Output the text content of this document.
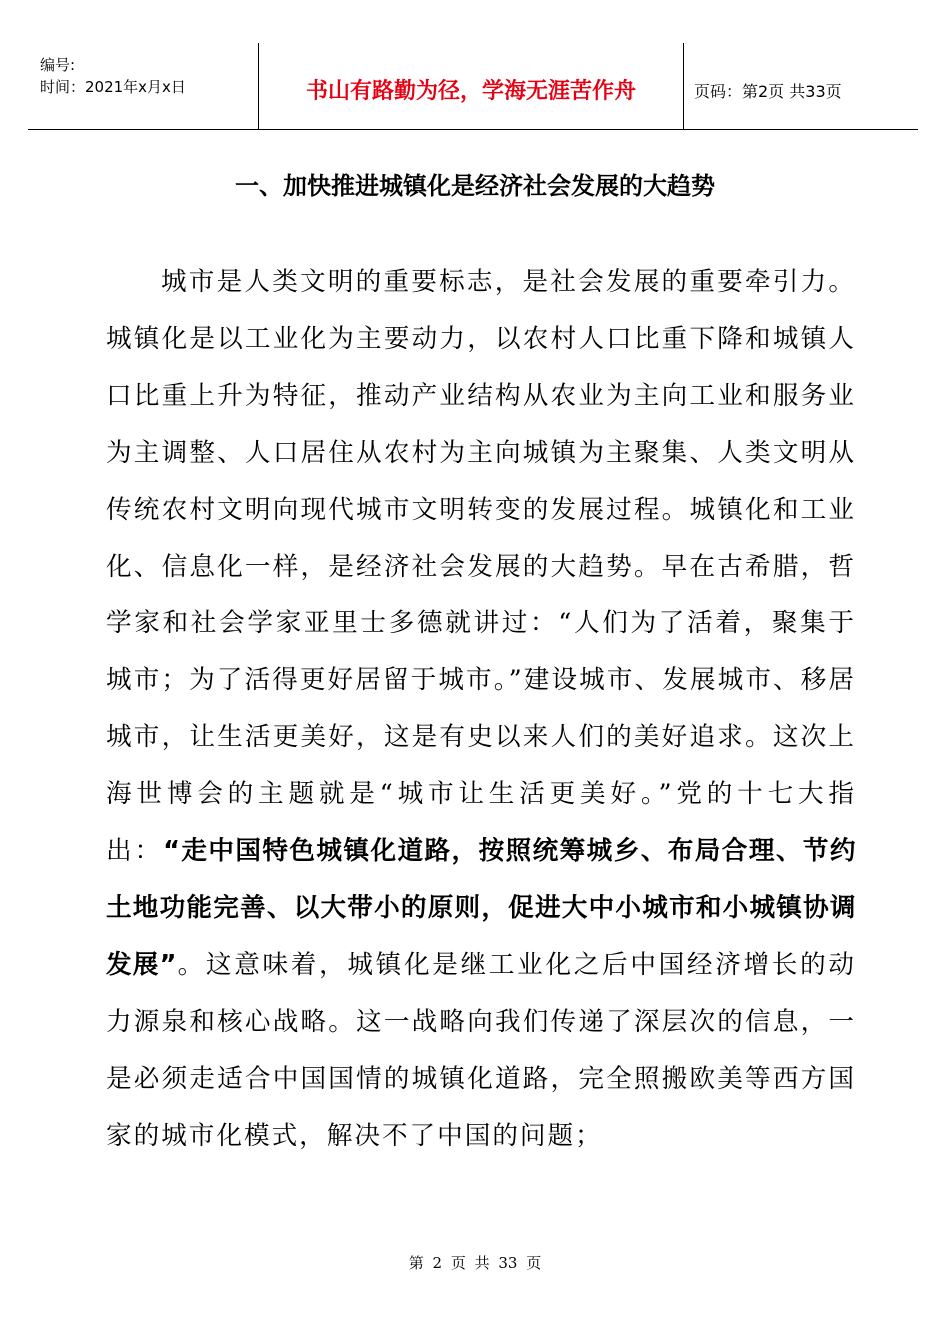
编号:
时间：2021年x月x日	书山有路勤为径，学海无涯苦作舟	页码：第2页 共33页
一、加快推进城镇化是经济社会发展的大趋势
城市是人类文明的重要标志，是社会发展的重要牵引力。城镇化是以工业化为主要动力，以农村人口比重下降和城镇人口比重上升为特征，推动产业结构从农业为主向工业和服务业为主调整、人口居住从农村为主向城镇为主聚集、人类文明从传统农村文明向现代城市文明转变的发展过程。城镇化和工业化、信息化一样，是经济社会发展的大趋势。早在古希腊，哲学家和社会学家亚里士多德就讲过：“人们为了活着，聚集于城市；为了活得更好居留于城市。”建设城市、发展城市、移居城市，让生活更美好，这是有史以来人们的美好追求。这次上海世博会的主题就是“城市让生活更美好。”党的十七大指出：“走中国特色城镇化道路，按照统筹城乡、布局合理、节约土地功能完善、以大带小的原则，促进大中小城市和小城镇协调发展”。这意味着，城镇化是继工业化之后中国经济增长的动力源泉和核心战略。这一战略向我们传递了深层次的信息，一是必须走适合中国国情的城镇化道路，完全照搬欧美等西方国家的城市化模式，解决不了中国的问题；
第 2 页 共 33 页
